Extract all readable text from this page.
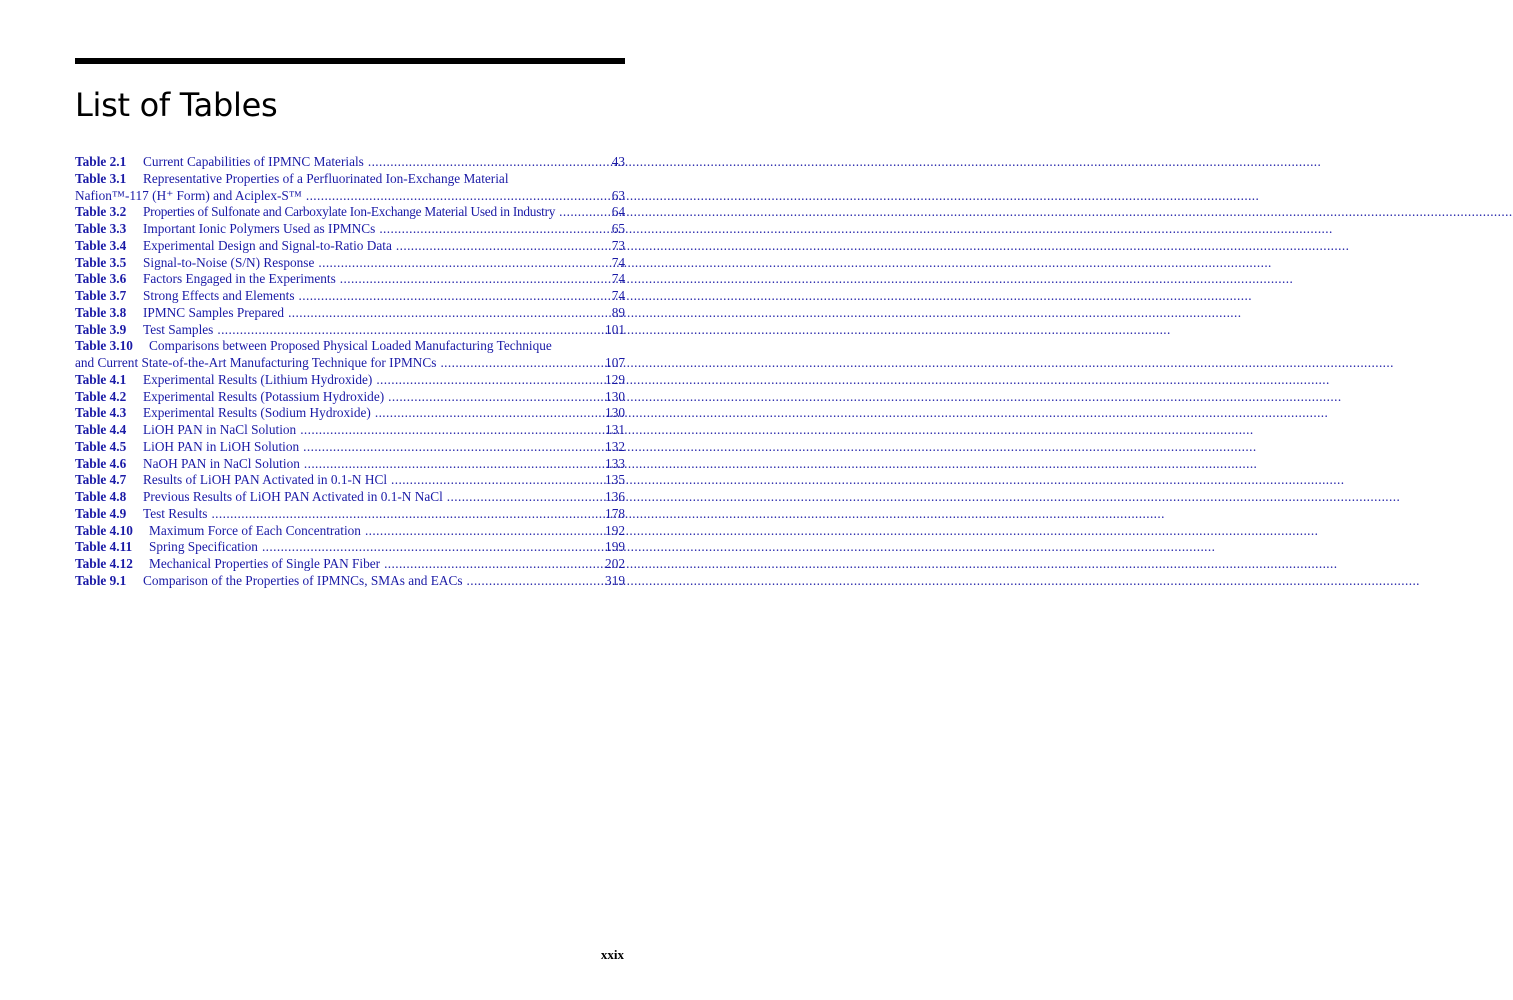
List of Tables
Table 2.1	Current Capabilities of IPMNC Materials .....	43
Table 3.1	Representative Properties of a Perfluorinated Ion-Exchange Material
Nafion™-117 (H⁺ Form) and Aciplex-S™ .....	63
Table 3.2	Properties of Sulfonate and Carboxylate Ion-Exchange Material Used in Industry .....	64
Table 3.3	Important Ionic Polymers Used as IPMNCs .....	65
Table 3.4	Experimental Design and Signal-to-Ratio Data .....	73
Table 3.5	Signal-to-Noise (S/N) Response .....	74
Table 3.6	Factors Engaged in the Experiments .....	74
Table 3.7	Strong Effects and Elements .....	74
Table 3.8	IPMNC Samples Prepared .....	89
Table 3.9	Test Samples .....	101
Table 3.10	Comparisons between Proposed Physical Loaded Manufacturing Technique
and Current State-of-the-Art Manufacturing Technique for IPMNCs .....	107
Table 4.1	Experimental Results (Lithium Hydroxide) .....	129
Table 4.2	Experimental Results (Potassium Hydroxide) .....	130
Table 4.3	Experimental Results (Sodium Hydroxide) .....	130
Table 4.4	LiOH PAN in NaCl Solution .....	131
Table 4.5	LiOH PAN in LiOH Solution .....	132
Table 4.6	NaOH PAN in NaCl Solution .....	133
Table 4.7	Results of LiOH PAN Activated in 0.1-N HCl .....	135
Table 4.8	Previous Results of LiOH PAN Activated in 0.1-N NaCl .....	136
Table 4.9	Test Results .....	178
Table 4.10	Maximum Force of Each Concentration .....	192
Table 4.11	Spring Specification .....	199
Table 4.12	Mechanical Properties of Single PAN Fiber .....	202
Table 9.1	Comparison of the Properties of IPMNCs, SMAs and EACs .....	319

xxix
